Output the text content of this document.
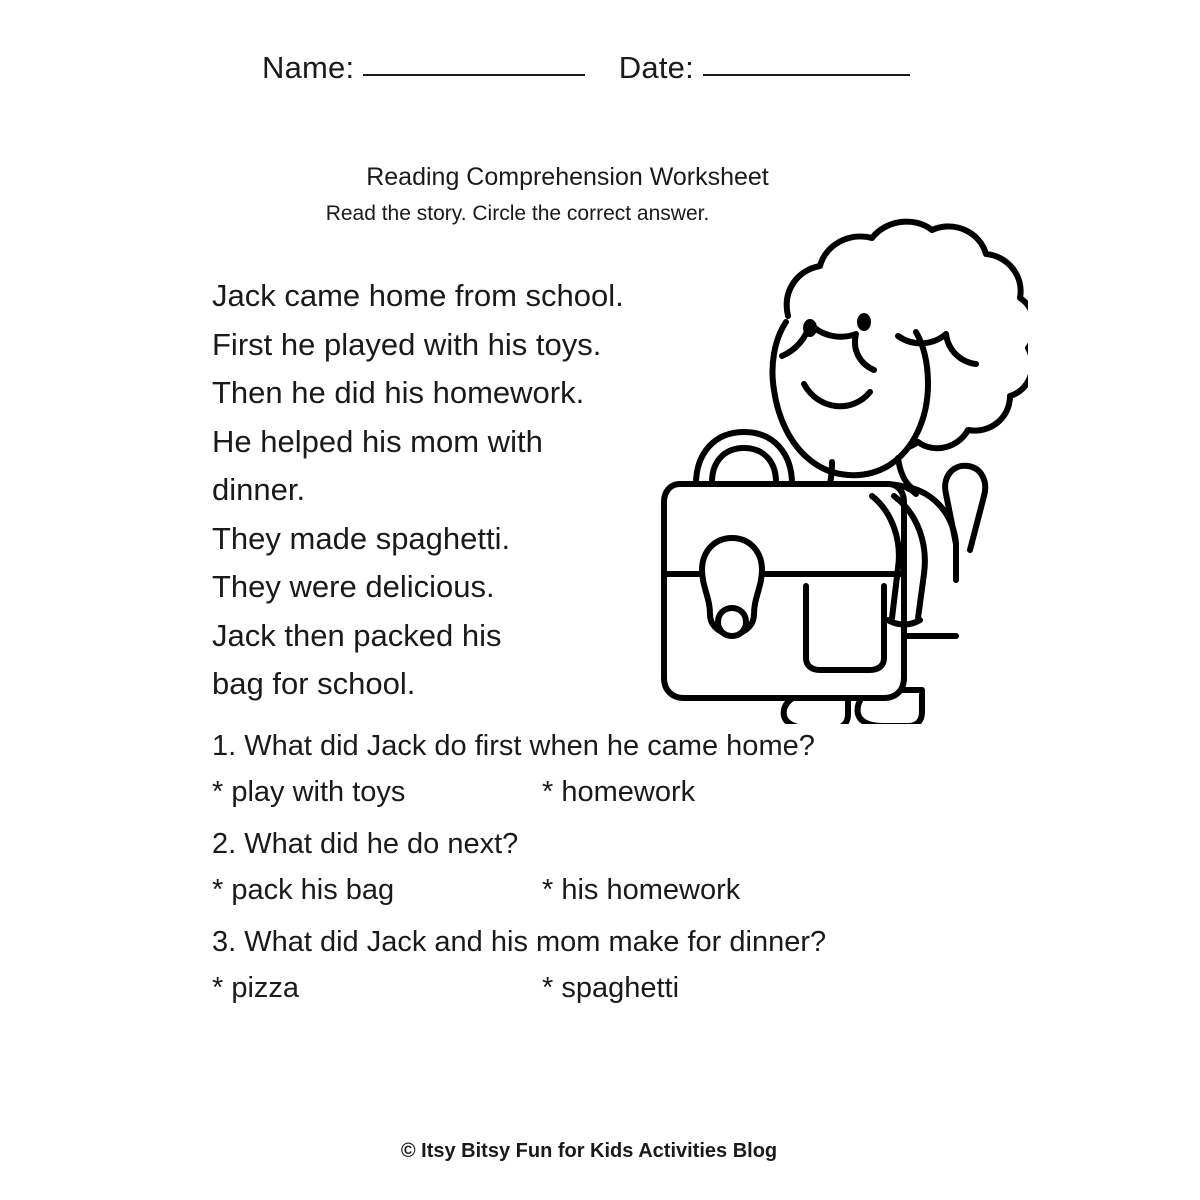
Name:	Date:
Reading Comprehension Worksheet
Read the story. Circle the correct answer.
Jack came home from school.
First he played with his toys.
Then he did his homework.
He helped his mom with
dinner.
They made spaghetti.
They were delicious.
Jack then packed his
bag for school.
1. What did Jack do first when he came home?
* play with toys	* homework
2. What did he do next?
* pack his bag	* his homework
3. What did Jack and his mom make for dinner?
* pizza	* spaghetti
© Itsy Bitsy Fun for Kids Activities Blog
